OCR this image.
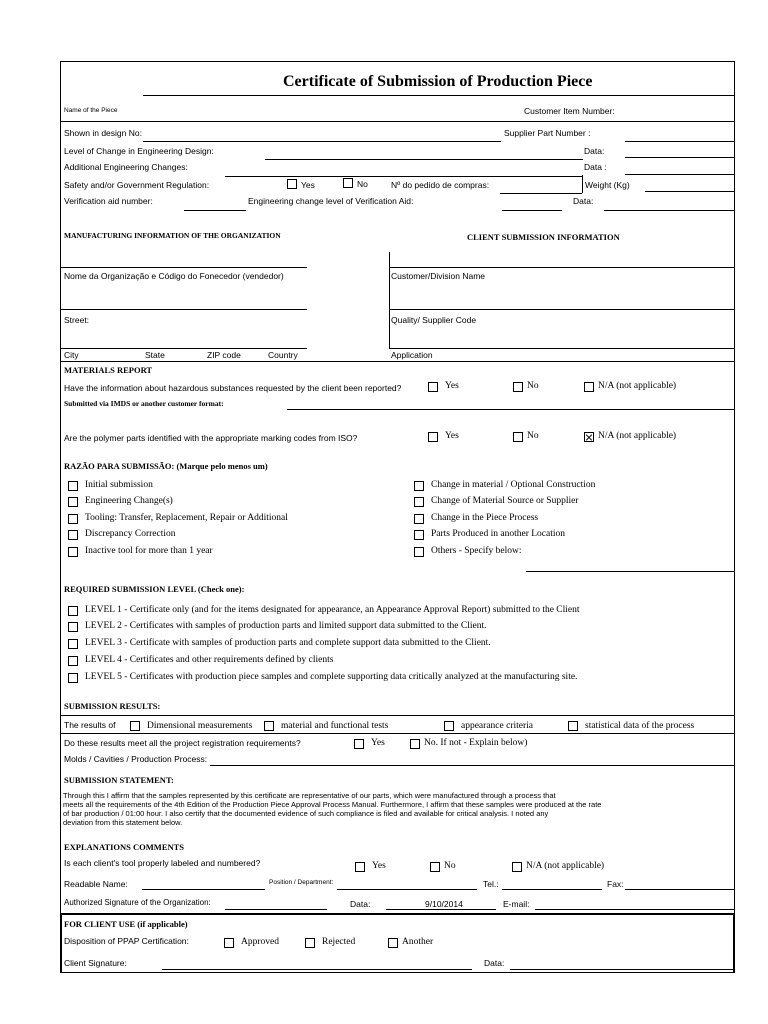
Certificate of Submission of Production Piece
Name of the Piece	Customer Item Number:
Shown in design No:	Supplier Part Number :
Level of Change in Engineering Design:	Data:
Additional Engineering Changes:	Data :
Safety and/or Government Regulation:	Yes	No	Nº do pedido de compras:	Weight (Kg)
Verification aid number:	Engineering change level of Verification Aid:	Data:
MANUFACTURING INFORMATION OF THE ORGANIZATION	CLIENT SUBMISSION INFORMATION
Nome da Organização e Código do Fonecedor (vendedor)	Customer/Division Name
Street:	Quality/ Supplier Code
City	State	ZIP code	Country	Application
MATERIALS REPORT
Have the information about hazardous substances requested by the client been reported?	Yes	No	N/A (not applicable)
Submitted via IMDS or another customer format:
Are the polymer parts identified with the appropriate marking codes from ISO?	Yes	No	N/A (not applicable)
RAZÃO PARA SUBMISSÃO: (Marque pelo menos um)
Initial submission
Engineering Change(s)
Tooling: Transfer, Replacement, Repair or Additional
Discrepancy Correction
Inactive tool for more than 1 year
Change in material / Optional Construction
Change of Material Source or Supplier
Change in the Piece Process
Parts Produced in another Location
Others - Specify below:
REQUIRED SUBMISSION LEVEL (Check one):
LEVEL 1 - Certificate only (and for the items designated for appearance, an Appearance Approval Report) submitted to the Client
LEVEL 2 - Certificates with samples of production parts and limited support data submitted to the Client.
LEVEL 3 - Certificate with samples of production parts and complete support data submitted to the Client.
LEVEL 4 - Certificates and other requirements defined by clients
LEVEL 5 - Certificates with production piece samples and complete supporting data critically analyzed at the manufacturing site.
SUBMISSION RESULTS:
The results of	Dimensional measurements	material and functional tests	appearance criteria	statistical data of the process
Do these results meet all the project registration requirements?	Yes	No. If not - Explain below)
Molds / Cavities / Production Process:
SUBMISSION STATEMENT:
Through this I affirm that the samples represented by this certificate are representative of our parts, which were manufactured through a process that
meets all the requirements of the 4th Edition of the Production Piece Approval Process Manual. Furthermore, I affirm that these samples were produced at the rate
of bar production / 01:00 hour. I also certify that the documented evidence of such compliance is filed and available for critical analysis. I noted any
deviation from this statement below.
EXPLANATIONS COMMENTS
Is each client's tool properly labeled and numbered?	Yes	No	N/A (not applicable)
Readable Name:	Position / Department:	Tel.:	Fax:
Authorized Signature of the Organization:	Data:	9/10/2014	E-mail:
FOR CLIENT USE (if applicable)
Disposition of PPAP Certification:	Approved	Rejected	Another
Client Signature:	Data:
